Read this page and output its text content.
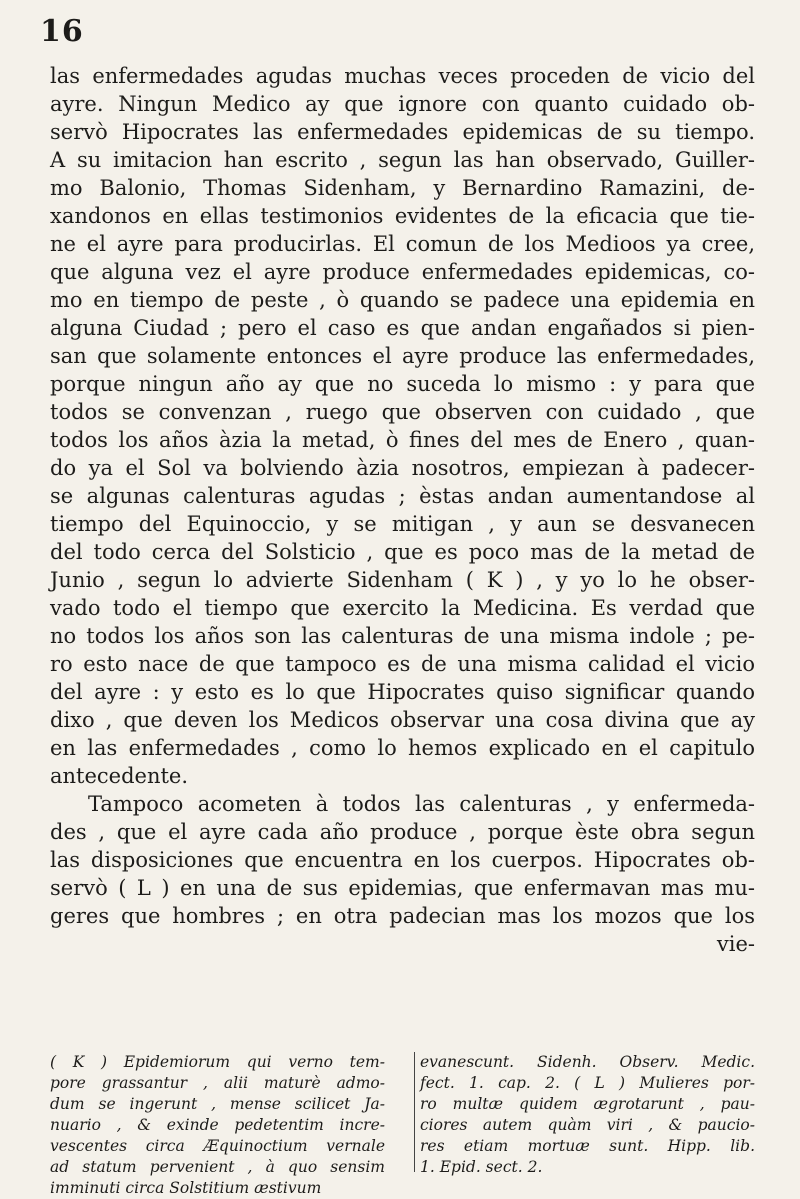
16
las enfermedades agudas muchas veces proceden de vicio del
ayre. Ningun Medico ay que ignore con quanto cuidado ob-
servò Hipocrates las enfermedades epidemicas de su tiempo.
A su imitacion han escrito , segun las han observado, Guiller-
mo Balonio, Thomas Sidenham, y Bernardino Ramazini, de-
xandonos en ellas testimonios evidentes de la eficacia que tie-
ne el ayre para producirlas. El comun de los Medioos ya cree,
que alguna vez el ayre produce enfermedades epidemicas, co-
mo en tiempo de peste , ò quando se padece una epidemia en
alguna Ciudad ; pero el caso es que andan engañados si pien-
san que solamente entonces el ayre produce las enfermedades,
porque ningun año ay que no suceda lo mismo : y para que
todos se convenzan , ruego que observen con cuidado , que
todos los años àzia la metad, ò fines del mes de Enero , quan-
do ya el Sol va bolviendo àzia nosotros, empiezan à padecer-
se algunas calenturas agudas ; èstas andan aumentandose al
tiempo del Equinoccio, y se mitigan , y aun se desvanecen
del todo cerca del Solsticio , que es poco mas de la metad de
Junio , segun lo advierte Sidenham ( K ) , y yo lo he obser-
vado todo el tiempo que exercito la Medicina. Es verdad que
no todos los años son las calenturas de una misma indole ; pe-
ro esto nace de que tampoco es de una misma calidad el vicio
del ayre : y esto es lo que Hipocrates quiso significar quando
dixo , que deven los Medicos observar una cosa divina que ay
en las enfermedades , como lo hemos explicado en el capitulo
antecedente.
Tampoco acometen à todos las calenturas , y enfermeda-
des , que el ayre cada año produce , porque èste obra segun
las disposiciones que encuentra en los cuerpos. Hipocrates ob-
servò ( L ) en una de sus epidemias, que enfermavan mas mu-
geres que hombres ; en otra padecian mas los mozos que los
vie-
( K ) Epidemiorum qui verno tem-
pore grassantur , alii maturè admo-
dum se ingerunt , mense scilicet Ja-
nuario , & exinde pedetentim incre-
vescentes circa Æquinoctium vernale
ad statum pervenient , à quo sensim
imminuti circa Solstitium æstivum
evanescunt. Sidenh. Observ. Medic.
fect. 1. cap. 2. ( L ) Mulieres por-
ro multæ quidem ægrotarunt , pau-
ciores autem quàm viri , & paucio-
res etiam mortuæ sunt. Hipp. lib.
1. Epid. sect. 2.
